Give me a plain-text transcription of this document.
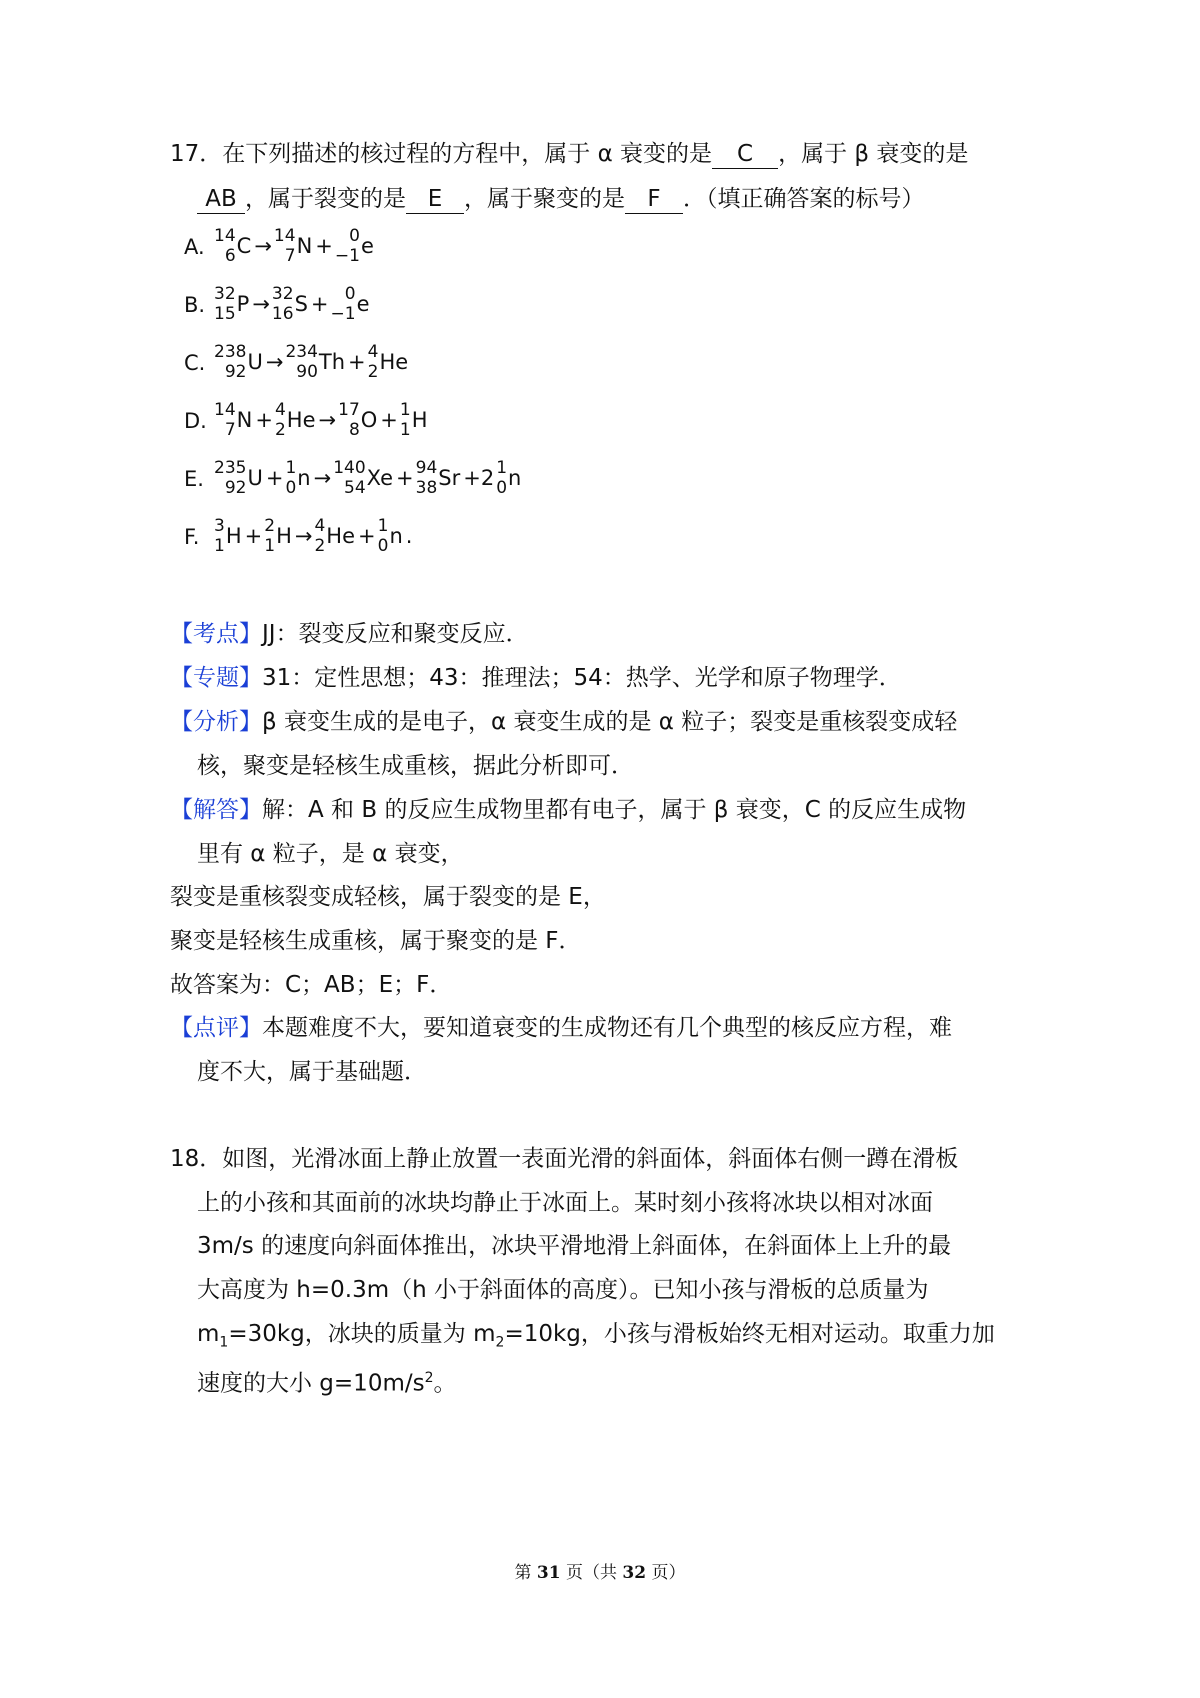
17．在下列描述的核过程的方程中，属于 α 衰变的是 C ，属于 β 衰变的是
AB ，属于裂变的是 E ，属于聚变的是 F ．（填正确答案的标号）
A. 14
6 C → 14
7 N + 0
−1 e
B. 32
15 P → 32
16 S + 0
−1 e
C. 238
92 U → 234
90 Th + 4
2 He
D. 14
7 N + 4
2 He → 17
8 O + 1
1 H
E. 235
92 U + 1
0 n → 140
54 Xe + 94
38 Sr +2 1
0 n
F. 3
1 H + 2
1 H → 4
2 He + 1
0 n .
【考点】JJ：裂变反应和聚变反应．
【专题】31：定性思想；43：推理法；54：热学、光学和原子物理学．
【分析】β 衰变生成的是电子，α 衰变生成的是 α 粒子；裂变是重核裂变成轻
核，聚变是轻核生成重核，据此分析即可．
【解答】解：A 和 B 的反应生成物里都有电子，属于 β 衰变，C 的反应生成物
里有 α 粒子，是 α 衰变，
裂变是重核裂变成轻核，属于裂变的是 E，
聚变是轻核生成重核，属于聚变的是 F．
故答案为：C；AB；E；F．
【点评】本题难度不大，要知道衰变的生成物还有几个典型的核反应方程，难
度不大，属于基础题．
18．如图，光滑冰面上静止放置一表面光滑的斜面体，斜面体右侧一蹲在滑板
上的小孩和其面前的冰块均静止于冰面上。某时刻小孩将冰块以相对冰面
3m/s 的速度向斜面体推出，冰块平滑地滑上斜面体，在斜面体上上升的最
大高度为 h=0.3m（h 小于斜面体的高度）。已知小孩与滑板的总质量为
$m_1=30kg$，冰块的质量为 $m_2=10kg$，小孩与滑板始终无相对运动。取重力加
速度的大小 $g=10m/s^2$。
第 31 页（共 32 页）
